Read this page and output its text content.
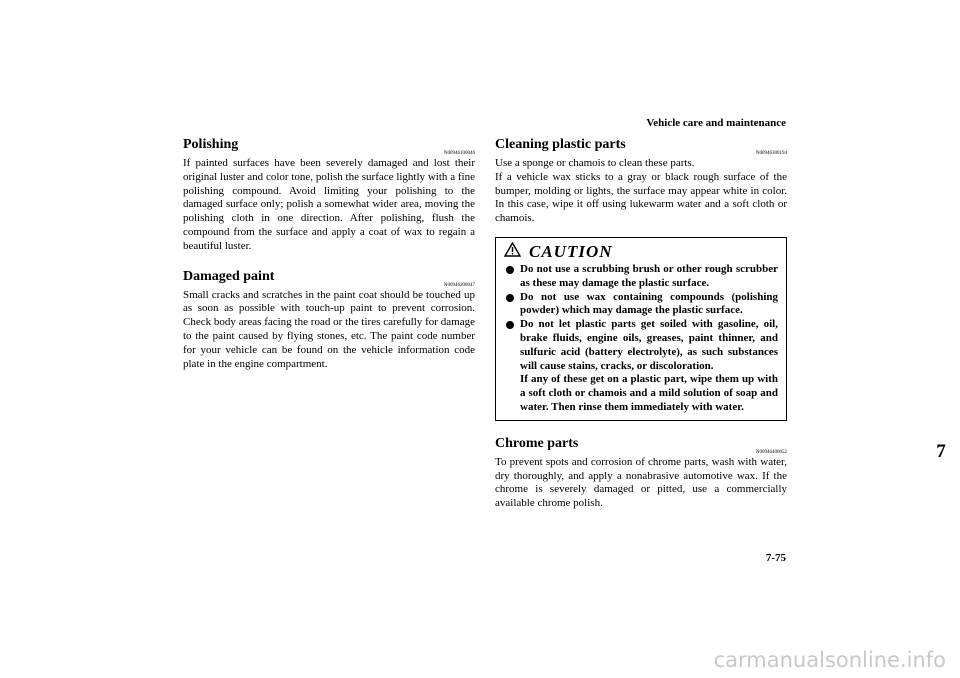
Vehicle care and maintenance
7
Polishing
N00946100046

If painted surfaces have been severely damaged and lost their original luster and color tone, polish the surface lightly with a fine polishing compound. Avoid limiting your polishing to the damaged surface only; polish a somewhat wider area, moving the polishing cloth in one direction. After polishing, flush the compound from the surface and apply a coat of wax to regain a beautiful luster.

Damaged paint
N00946200047

Small cracks and scratches in the paint coat should be touched up as soon as possible with touch-up paint to prevent corrosion. Check body areas facing the road or the tires carefully for damage to the paint caused by flying stones, etc. The paint code number for your vehicle can be found on the vehicle information code plate in the engine compartment.

Cleaning plastic parts
N00946300194

Use a sponge or chamois to clean these parts.

If a vehicle wax sticks to a gray or black rough surface of the bumper, molding or lights, the surface may appear white in color. In this case, wipe it off using lukewarm water and a soft cloth or chamois.

CAUTION
Do not use a scrubbing brush or other rough scrubber as these may damage the plastic surface.
Do not use wax containing compounds (polishing powder) which may damage the plastic surface.
Do not let plastic parts get soiled with gasoline, oil, brake fluids, engine oils, greases, paint thinner, and sulfuric acid (battery electrolyte), as such substances will cause stains, cracks, or discoloration.
If any of these get on a plastic part, wipe them up with a soft cloth or chamois and a mild solution of soap and water. Then rinse them immediately with water.
Chrome parts
N00946400052

To prevent spots and corrosion of chrome parts, wash with water, dry thoroughly, and apply a nonabrasive automotive wax. If the chrome is severely damaged or pitted, use a commercially available chrome polish.

7-75
carmanualsonline.info
